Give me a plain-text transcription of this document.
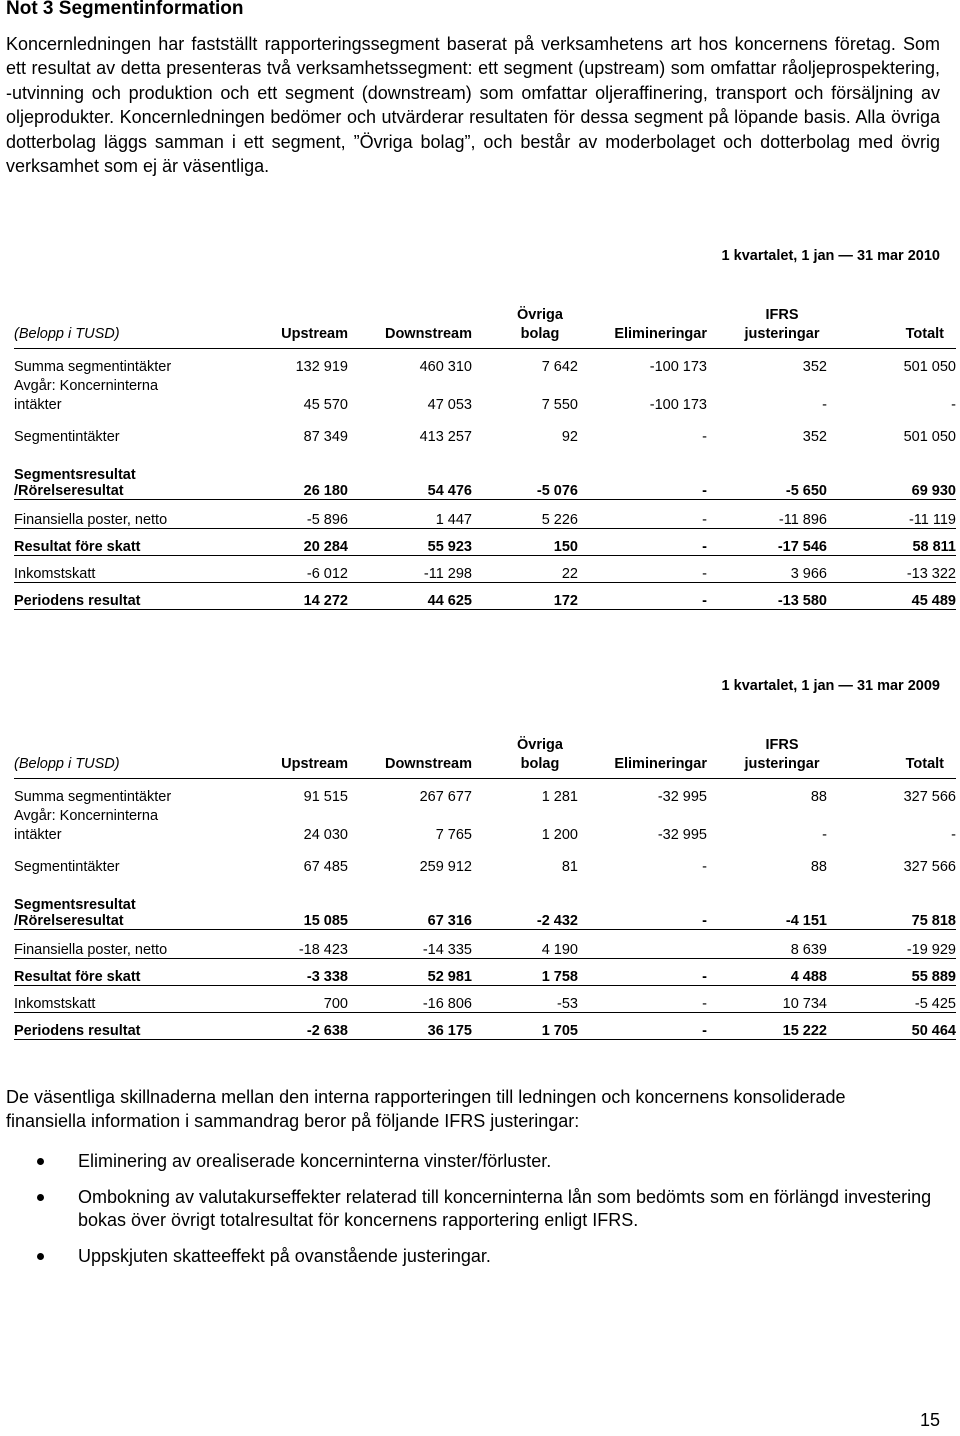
Not 3 Segmentinformation

Koncernledningen har fastställt rapporteringssegment baserat på verksamhetens art hos koncernens företag. Som ett resultat av detta presenteras två verksamhetssegment: ett segment (upstream) som omfattar råoljeprospektering, -utvinning och produktion och ett segment (downstream) som omfattar oljeraffinering, transport och försäljning av oljeprodukter. Koncernledningen bedömer och utvärderar resultaten för dessa segment på löpande basis. Alla övriga dotterbolag läggs samman i ett segment, ”Övriga bolag”, och består av moderbolaget och dotterbolag med övrig verksamhet som ej är väsentliga.

1 kvartalet, 1 jan — 31 mar 2010
(Belopp i TUSD)	Upstream	Downstream	Övriga bolag	Elimineringar	IFRS justeringar	Totalt
Summa segmentintäkter	132 919	460 310	7 642	-100 173	352	501 050
Avgår: Koncerninterna						
intäkter	45 570	47 053	7 550	-100 173	-	-
Segmentintäkter	87 349	413 257	92	-	352	501 050
Segmentsresultat
/Rörelseresultat	26 180	54 476	-5 076	-	-5 650	69 930
Finansiella poster, netto	-5 896	1 447	5 226	-	-11 896	-11 119
Resultat före skatt	20 284	55 923	150	-	-17 546	58 811
Inkomstskatt	-6 012	-11 298	22	-	3 966	-13 322
Periodens resultat	14 272	44 625	172	-	-13 580	45 489
1 kvartalet, 1 jan — 31 mar 2009
(Belopp i TUSD)	Upstream	Downstream	Övriga bolag	Elimineringar	IFRS justeringar	Totalt
Summa segmentintäkter	91 515	267 677	1 281	-32 995	88	327 566
Avgår: Koncerninterna						
intäkter	24 030	7 765	1 200	-32 995	-	-
Segmentintäkter	67 485	259 912	81	-	88	327 566
Segmentsresultat
/Rörelseresultat	15 085	67 316	-2 432	-	-4 151	75 818
Finansiella poster, netto	-18 423	-14 335	4 190		8 639	-19 929
Resultat före skatt	-3 338	52 981	1 758	-	4 488	55 889
Inkomstskatt	700	-16 806	-53	-	10 734	-5 425
Periodens resultat	-2 638	36 175	1 705	-	15 222	50 464

De väsentliga skillnaderna mellan den interna rapporteringen till ledningen och koncernens konsoliderade finansiella information i sammandrag beror på följande IFRS justeringar:

Eliminering av orealiserade koncerninterna vinster/förluster.
Ombokning av valutakurseffekter relaterad till koncerninterna lån som bedömts som en förlängd investering bokas över övrigt totalresultat för koncernens rapportering enligt IFRS.
Uppskjuten skatteeffekt på ovanstående justeringar.
15
